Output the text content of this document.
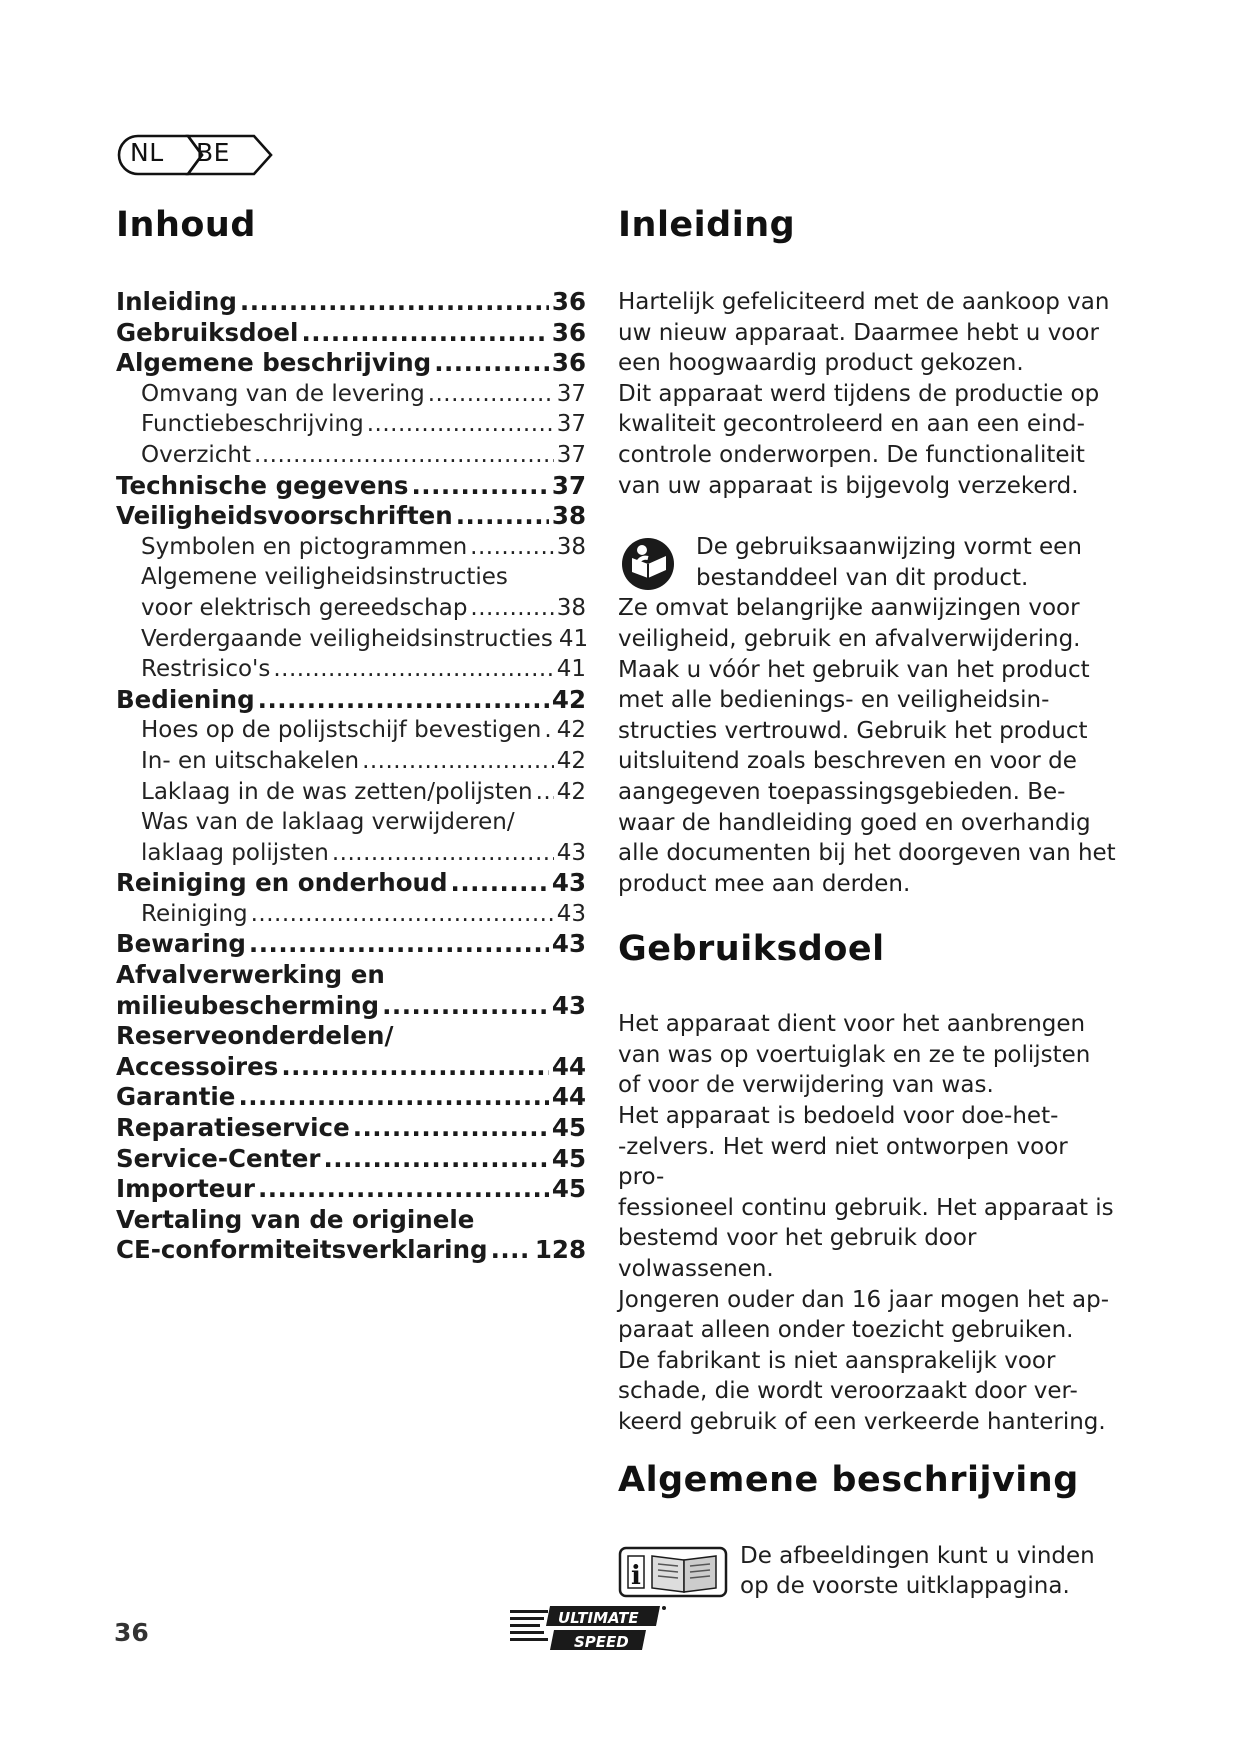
NL BE
Inhoud
Inleiding .....	36
Gebruiksdoel .....	36
Algemene beschrijving .....	36
Omvang van de levering .....	37
Functiebeschrijving .....	37
Overzicht .....	37
Technische gegevens .....	37
Veiligheidsvoorschriften .....	38
Symbolen en pictogrammen .....	38
Algemene veiligheidsinstructies
voor elektrisch gereedschap .....	38
Verdergaande veiligheidsinstructies 41
Restrisico's .....	41
Bediening .....	42
Hoes op de polijstschijf bevestigen ..... 42
In- en uitschakelen .....	42
Laklaag in de was zetten/polijsten ..... 42
Was van de laklaag verwijderen/
laklaag polijsten .....	43
Reiniging en onderhoud .....	43
Reiniging .....	43
Bewaring .....	43
Afvalverwerking en
milieubescherming .....	43
Reserveonderdelen/
Accessoires .....	44
Garantie .....	44
Reparatieservice .....	45
Service-Center .....	45
Importeur .....	45
Vertaling van de originele
CE-conformiteitsverklaring ..... 128
Inleiding

Hartelijk gefeliciteerd met de aankoop van

uw nieuw apparaat. Daarmee hebt u voor

een hoogwaardig product gekozen.

Dit apparaat werd tijdens de productie op

kwaliteit gecontroleerd en aan een eind-

controle onderworpen. De functionaliteit

van uw apparaat is bijgevolg verzekerd.

De gebruiksaanwijzing vormt een

bestanddeel van dit product.

Ze omvat belangrijke aanwijzingen voor

veiligheid, gebruik en afvalverwijdering.

Maak u vóór het gebruik van het product

met alle bedienings- en veiligheidsin-

structies vertrouwd. Gebruik het product

uitsluitend zoals beschreven en voor de

aangegeven toepassingsgebieden. Be-

waar de handleiding goed en overhandig

alle documenten bij het doorgeven van het

product mee aan derden.

Gebruiksdoel

Het apparaat dient voor het aanbrengen

van was op voertuiglak en ze te polijsten

of voor de verwijdering van was.

Het apparaat is bedoeld voor doe-het-

-zelvers. Het werd niet ontworpen voor pro-

fessioneel continu gebruik. Het apparaat is

bestemd voor het gebruik door volwassenen.

Jongeren ouder dan 16 jaar mogen het ap-

paraat alleen onder toezicht gebruiken.

De fabrikant is niet aansprakelijk voor

schade, die wordt veroorzaakt door ver-

keerd gebruik of een verkeerde hantering.

Algemene beschrijving
i

De afbeeldingen kunt u vinden

op de voorste uitklappagina.

36	ULTIMATE
SPEED
